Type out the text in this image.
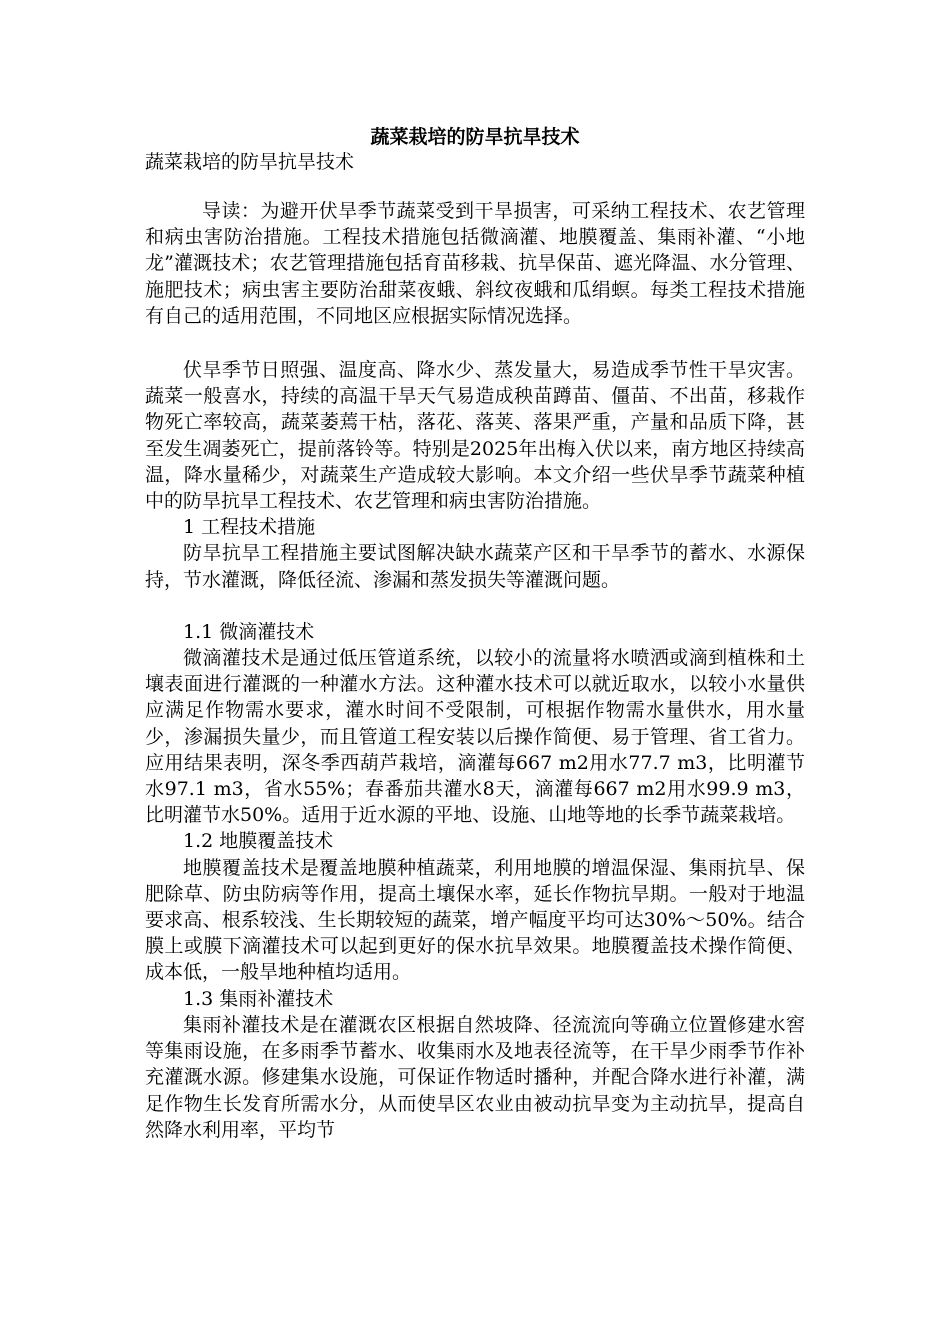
蔬菜栽培的防旱抗旱技术
蔬菜栽培的防旱抗旱技术

导读：为避开伏旱季节蔬菜受到干旱损害，可采纳工程技术、农艺管理和病虫害防治措施。工程技术措施包括微滴灌、地膜覆盖、集雨补灌、“小地龙”灌溉技术；农艺管理措施包括育苗移栽、抗旱保苗、遮光降温、水分管理、施肥技术；病虫害主要防治甜菜夜蛾、斜纹夜蛾和瓜绢螟。每类工程技术措施有自己的适用范围，不同地区应根据实际情况选择。

伏旱季节日照强、温度高、降水少、蒸发量大，易造成季节性干旱灾害。蔬菜一般喜水，持续的高温干旱天气易造成秧苗蹲苗、僵苗、不出苗，移栽作物死亡率较高，蔬菜萎蔫干枯，落花、落荚、落果严重，产量和品质下降，甚至发生凋萎死亡，提前落铃等。特别是2025年出梅入伏以来，南方地区持续高温，降水量稀少，对蔬菜生产造成较大影响。本文介绍一些伏旱季节蔬菜种植中的防旱抗旱工程技术、农艺管理和病虫害防治措施。

1 工程技术措施

防旱抗旱工程措施主要试图解决缺水蔬菜产区和干旱季节的蓄水、水源保持，节水灌溉，降低径流、渗漏和蒸发损失等灌溉问题。

1.1 微滴灌技术

微滴灌技术是通过低压管道系统，以较小的流量将水喷洒或滴到植株和土壤表面进行灌溉的一种灌水方法。这种灌水技术可以就近取水，以较小水量供应满足作物需水要求，灌水时间不受限制，可根据作物需水量供水，用水量少，渗漏损失量少，而且管道工程安装以后操作简便、易于管理、省工省力。应用结果表明，深冬季西葫芦栽培，滴灌每667 m2用水77.7 m3，比明灌节水97.1 m3，省水55%；春番茄共灌水8天，滴灌每667 m2用水99.9 m3，比明灌节水50%。适用于近水源的平地、设施、山地等地的长季节蔬菜栽培。

1.2 地膜覆盖技术

地膜覆盖技术是覆盖地膜种植蔬菜，利用地膜的增温保湿、集雨抗旱、保肥除草、防虫防病等作用，提高土壤保水率，延长作物抗旱期。一般对于地温要求高、根系较浅、生长期较短的蔬菜，增产幅度平均可达30%～50%。结合膜上或膜下滴灌技术可以起到更好的保水抗旱效果。地膜覆盖技术操作简便、成本低，一般旱地种植均适用。

1.3 集雨补灌技术

集雨补灌技术是在灌溉农区根据自然坡降、径流流向等确立位置修建水窖等集雨设施，在多雨季节蓄水、收集雨水及地表径流等，在干旱少雨季节作补充灌溉水源。修建集水设施，可保证作物适时播种，并配合降水进行补灌，满足作物生长发育所需水分，从而使旱区农业由被动抗旱变为主动抗旱，提高自然降水利用率，平均节
